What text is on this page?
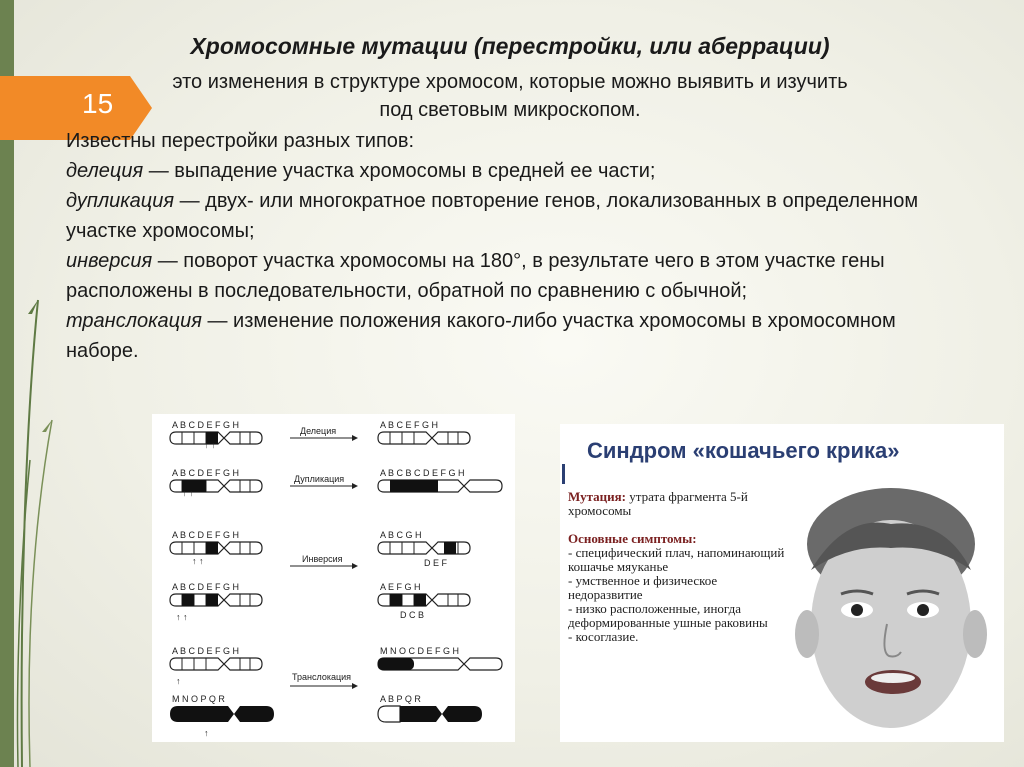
15
Хромосомные мутации (перестройки, или аберрации)
это изменения в структуре хромосом, которые можно выявить и изучить
под световым микроскопом.
Известны перестройки разных типов:
делеция — выпадение участка хромосомы в средней ее части;
дупликация — двух- или многократное повторение генов, локализованных в определенном участке хромосомы;
инверсия — поворот участка хромосомы на 180°, в результате чего в этом участке гены расположены в последовательности, обратной по сравнению с обычной;
транслокация — изменение положения какого-либо участка хромосомы в хромосомном наборе.
A B C D E F G H
↑ ↑
Делеция
A B C E F G H
A B C D E F G H
↑ ↑
Дупликация
A B C B C D E F G H
A B C D E F G H
↑ ↑	Инверсия
A B C G H
D E F
A B C D E F G H
↑ ↑
A E F G H
D C B
A B C D E F G H
↑	Транслокация
M N O C D E F G H
M N O P Q R
↑
A B P Q R
Синдром «кошачьего крика»

Мутация: утрата фрагмента 5-й хромосомы

Основные симптомы:

- специфический плач, напоминающий кошачье мяуканье

- умственное и физическое недоразвитие

- низко расположенные, иногда деформированные ушные раковины

- косоглазие.
